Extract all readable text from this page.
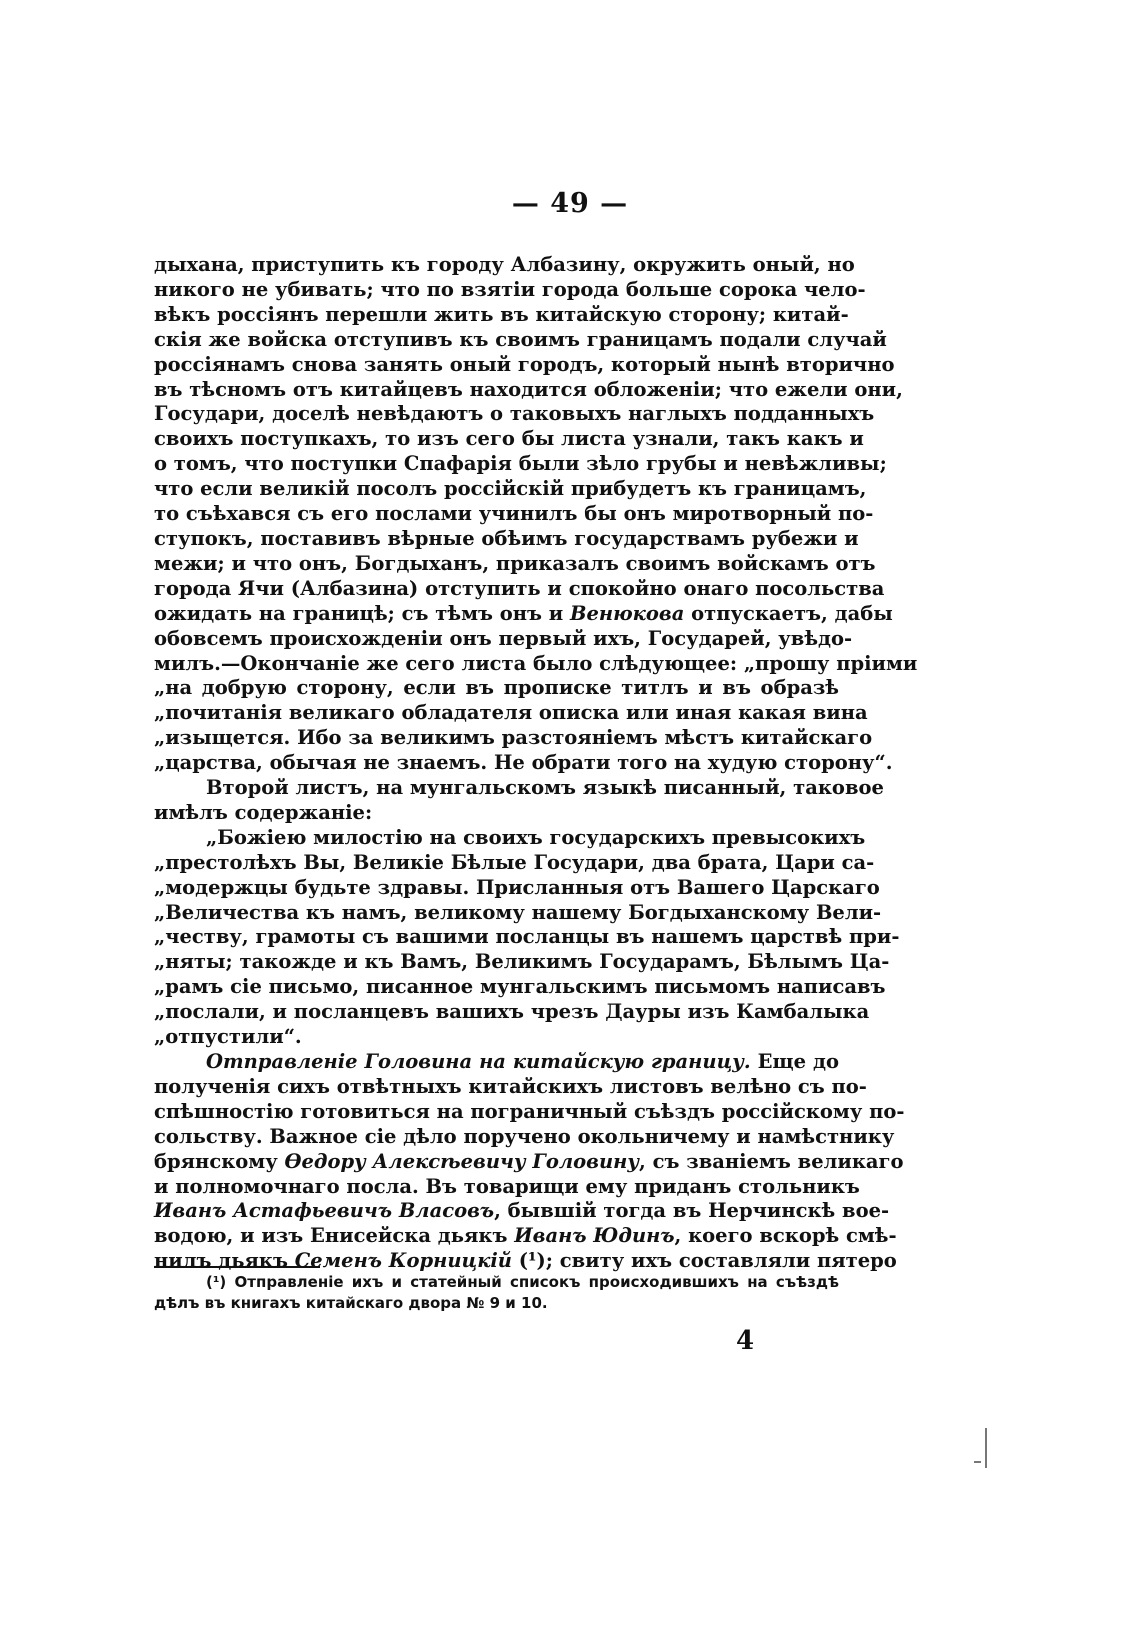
— 49 —
дыхана, приступить къ городу Албазину, окружить оный, но
никого не убивать; что по взятіи города больше сорока чело-
вѣкъ россіянъ перешли жить въ китайскую сторону; китай-
скія же войска отступивъ къ своимъ границамъ подали случай
россіянамъ снова занять оный городъ, который нынѣ вторично
въ тѣсномъ отъ китайцевъ находится обложеніи; что ежели они,
Государи, доселѣ невѣдаютъ о таковыхъ наглыхъ подданныхъ
своихъ поступкахъ, то изъ сего бы листа узнали, такъ какъ и
о томъ, что поступки Спафарія были зѣло грубы и невѣжливы;
что если великій посолъ россійскій прибудетъ къ границамъ,
то съѣхався съ его послами учинилъ бы онъ миротворный по-
ступокъ, поставивъ вѣрные обѣимъ государствамъ рубежи и
межи; и что онъ, Богдыханъ, приказалъ своимъ войскамъ отъ
города Ячи (Албазина) отступить и спокойно онаго посольства
ожидать на границѣ; съ тѣмъ онъ и Венюкова отпускаетъ, дабы
обовсемъ происхожденіи онъ первый ихъ, Государей, увѣдо-
милъ.—Окончаніе же сего листа было слѣдующее: „прошу пріими
„на добрую сторону, если въ прописке титлъ и въ образѣ
„почитанія великаго обладателя описка или иная какая вина
„изыщется. Ибо за великимъ разстояніемъ мѣстъ китайскаго
„царства, обычая не знаемъ. Не обрати того на худую сторону“.
Второй листъ, на мунгальскомъ языкѣ писанный, таковое
имѣлъ содержаніе:
„Божіею милостію на своихъ государскихъ превысокихъ
„престолѣхъ Вы, Великіе Бѣлые Государи, два брата, Цари са-
„модержцы будьте здравы. Присланныя отъ Вашего Царскаго
„Величества къ намъ, великому нашему Богдыханскому Вели-
„честву, грамоты съ вашими посланцы въ нашемъ царствѣ при-
„няты; такожде и къ Вамъ, Великимъ Государамъ, Бѣлымъ Ца-
„рамъ сіе письмо, писанное мунгальскимъ письмомъ написавъ
„послали, и посланцевъ вашихъ чрезъ Дауры изъ Камбалыка
„отпустили“.
Отправленіе Головина на китайскую границу. Еще до
полученія сихъ отвѣтныхъ китайскихъ листовъ велѣно съ по-
спѣшностію готовиться на пограничный съѣздъ россійскому по-
сольству. Важное сіе дѣло поручено окольничему и намѣстнику
брянскому Ѳедору Алексѣевичу Головину, съ званіемъ великаго
и полномочнаго посла. Въ товарищи ему приданъ стольникъ
Иванъ Астафьевичъ Власовъ, бывшій тогда въ Нерчинскѣ вое-
водою, и изъ Енисейска дьякъ Иванъ Юдинъ, коего вскорѣ смѣ-
нилъ дьякъ Семенъ Корницкій (¹); свиту ихъ составляли пятеро
(¹) Отправленіе ихъ и статейный списокъ происходившихъ на съѣздѣ
дѣлъ въ книгахъ китайскаго двора № 9 и 10.
4
